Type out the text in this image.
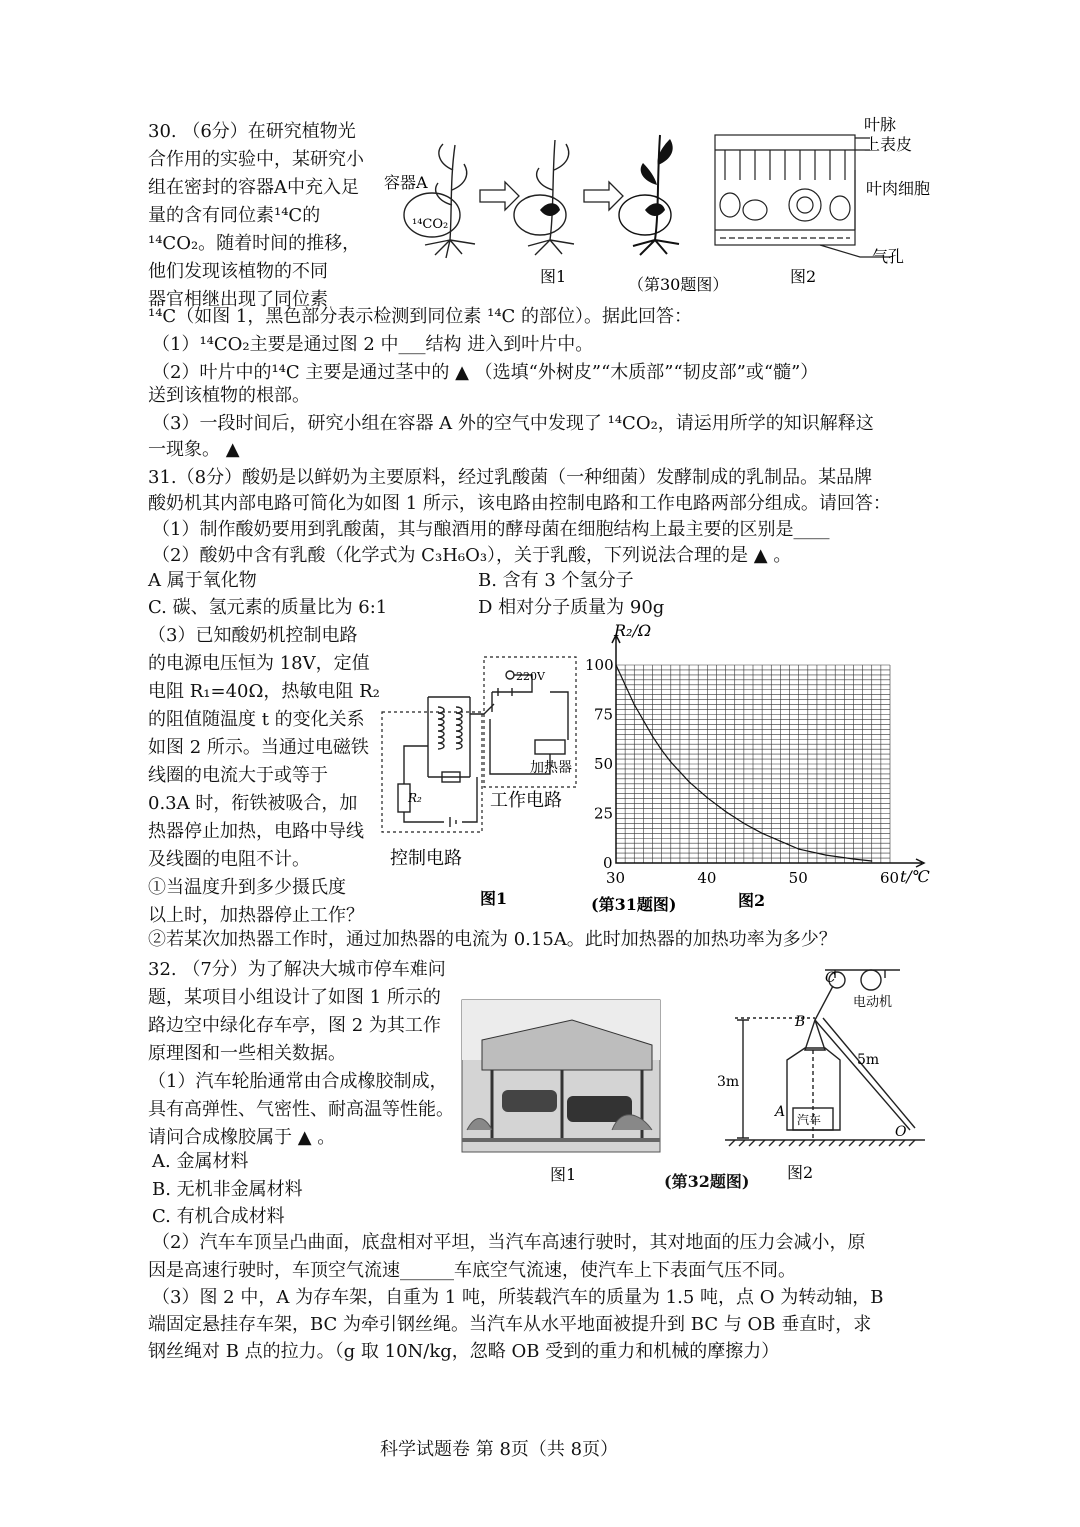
30. （6分）在研究植物光
合作用的实验中，某研究小
组在密封的容器A中充入足
量的含有同位素¹⁴C的
¹⁴CO₂。随着时间的推移，
他们发现该植物的不同
器官相继出现了同位素
容器A
¹⁴CO₂
图1	（第30题图）
叶脉
上表皮
叶肉细胞
气孔
图2
¹⁴C（如图 1，黑色部分表示检测到同位素 ¹⁴C 的部位）。据此回答：
（1）¹⁴CO₂主要是通过图 2 中___结构 进入到叶片中。
（2）叶片中的¹⁴C 主要是通过茎中的 ▲ （选填“外树皮”“木质部”“韧皮部”或“髓”）
送到该植物的根部。
（3）一段时间后，研究小组在容器 A 外的空气中发现了 ¹⁴CO₂，请运用所学的知识解释这
一现象。 ▲
31.（8分）酸奶是以鲜奶为主要原料，经过乳酸菌（一种细菌）发酵制成的乳制品。某品牌
酸奶机其内部电路可简化为如图 1 所示，该电路由控制电路和工作电路两部分组成。请回答：
（1）制作酸奶要用到乳酸菌，其与酿酒用的酵母菌在细胞结构上最主要的区别是____
（2）酸奶中含有乳酸（化学式为 C₃H₆O₃），关于乳酸，下列说法合理的是 ▲ 。
A 属于氧化物	B. 含有 3 个氢分子
C. 碳、氢元素的质量比为 6:1	D 相对分子质量为 90g
（3）已知酸奶机控制电路
的电源电压恒为 18V，定值
电阻 R₁=40Ω，热敏电阻 R₂
的阻值随温度 t 的变化关系
如图 2 所示。当通过电磁铁
线圈的电流大于或等于
0.3A 时，衔铁被吸合，加
热器停止加热，电路中导线
及线圈的电阻不计。
①当温度升到多少摄氏度
以上时，加热器停止工作？
220V
加热器
工作电路
R₂
控制电路
图1
30	40	50	60
0
25
50
75
100
R₂/Ω
t/℃
(第31题图)	图2
②若某次加热器工作时，通过加热器的电流为 0.15A。此时加热器的加热功率为多少？
32. （7分）为了解决大城市停车难问
题，某项目小组设计了如图 1 所示的
路边空中绿化存车亭，图 2 为其工作
原理图和一些相关数据。
（1）汽车轮胎通常由合成橡胶制成，
具有高弹性、气密性、耐高温等性能。
请问合成橡胶属于 ▲ 。
A. 金属材料
B. 无机非金属材料
C. 有机合成材料
（2）汽车车顶呈凸曲面，底盘相对平坦，当汽车高速行驶时，其对地面的压力会减小，原
因是高速行驶时，车顶空气流速______车底空气流速，使汽车上下表面气压不同。
（3）图 2 中，A 为存车架，自重为 1 吨，所装载汽车的质量为 1.5 吨，点 O 为转动轴，B
端固定悬挂存车架，BC 为牵引钢丝绳。当汽车从水平地面被提升到 BC 与 OB 垂直时，求
钢丝绳对 B 点的拉力。（g 取 10N/kg，忽略 OB 受到的重力和机械的摩擦力）
图1	(第32题图)
C
电动机
B
5m
3m
A 汽车
O
图2
科学试题卷 第 8页（共 8页）
